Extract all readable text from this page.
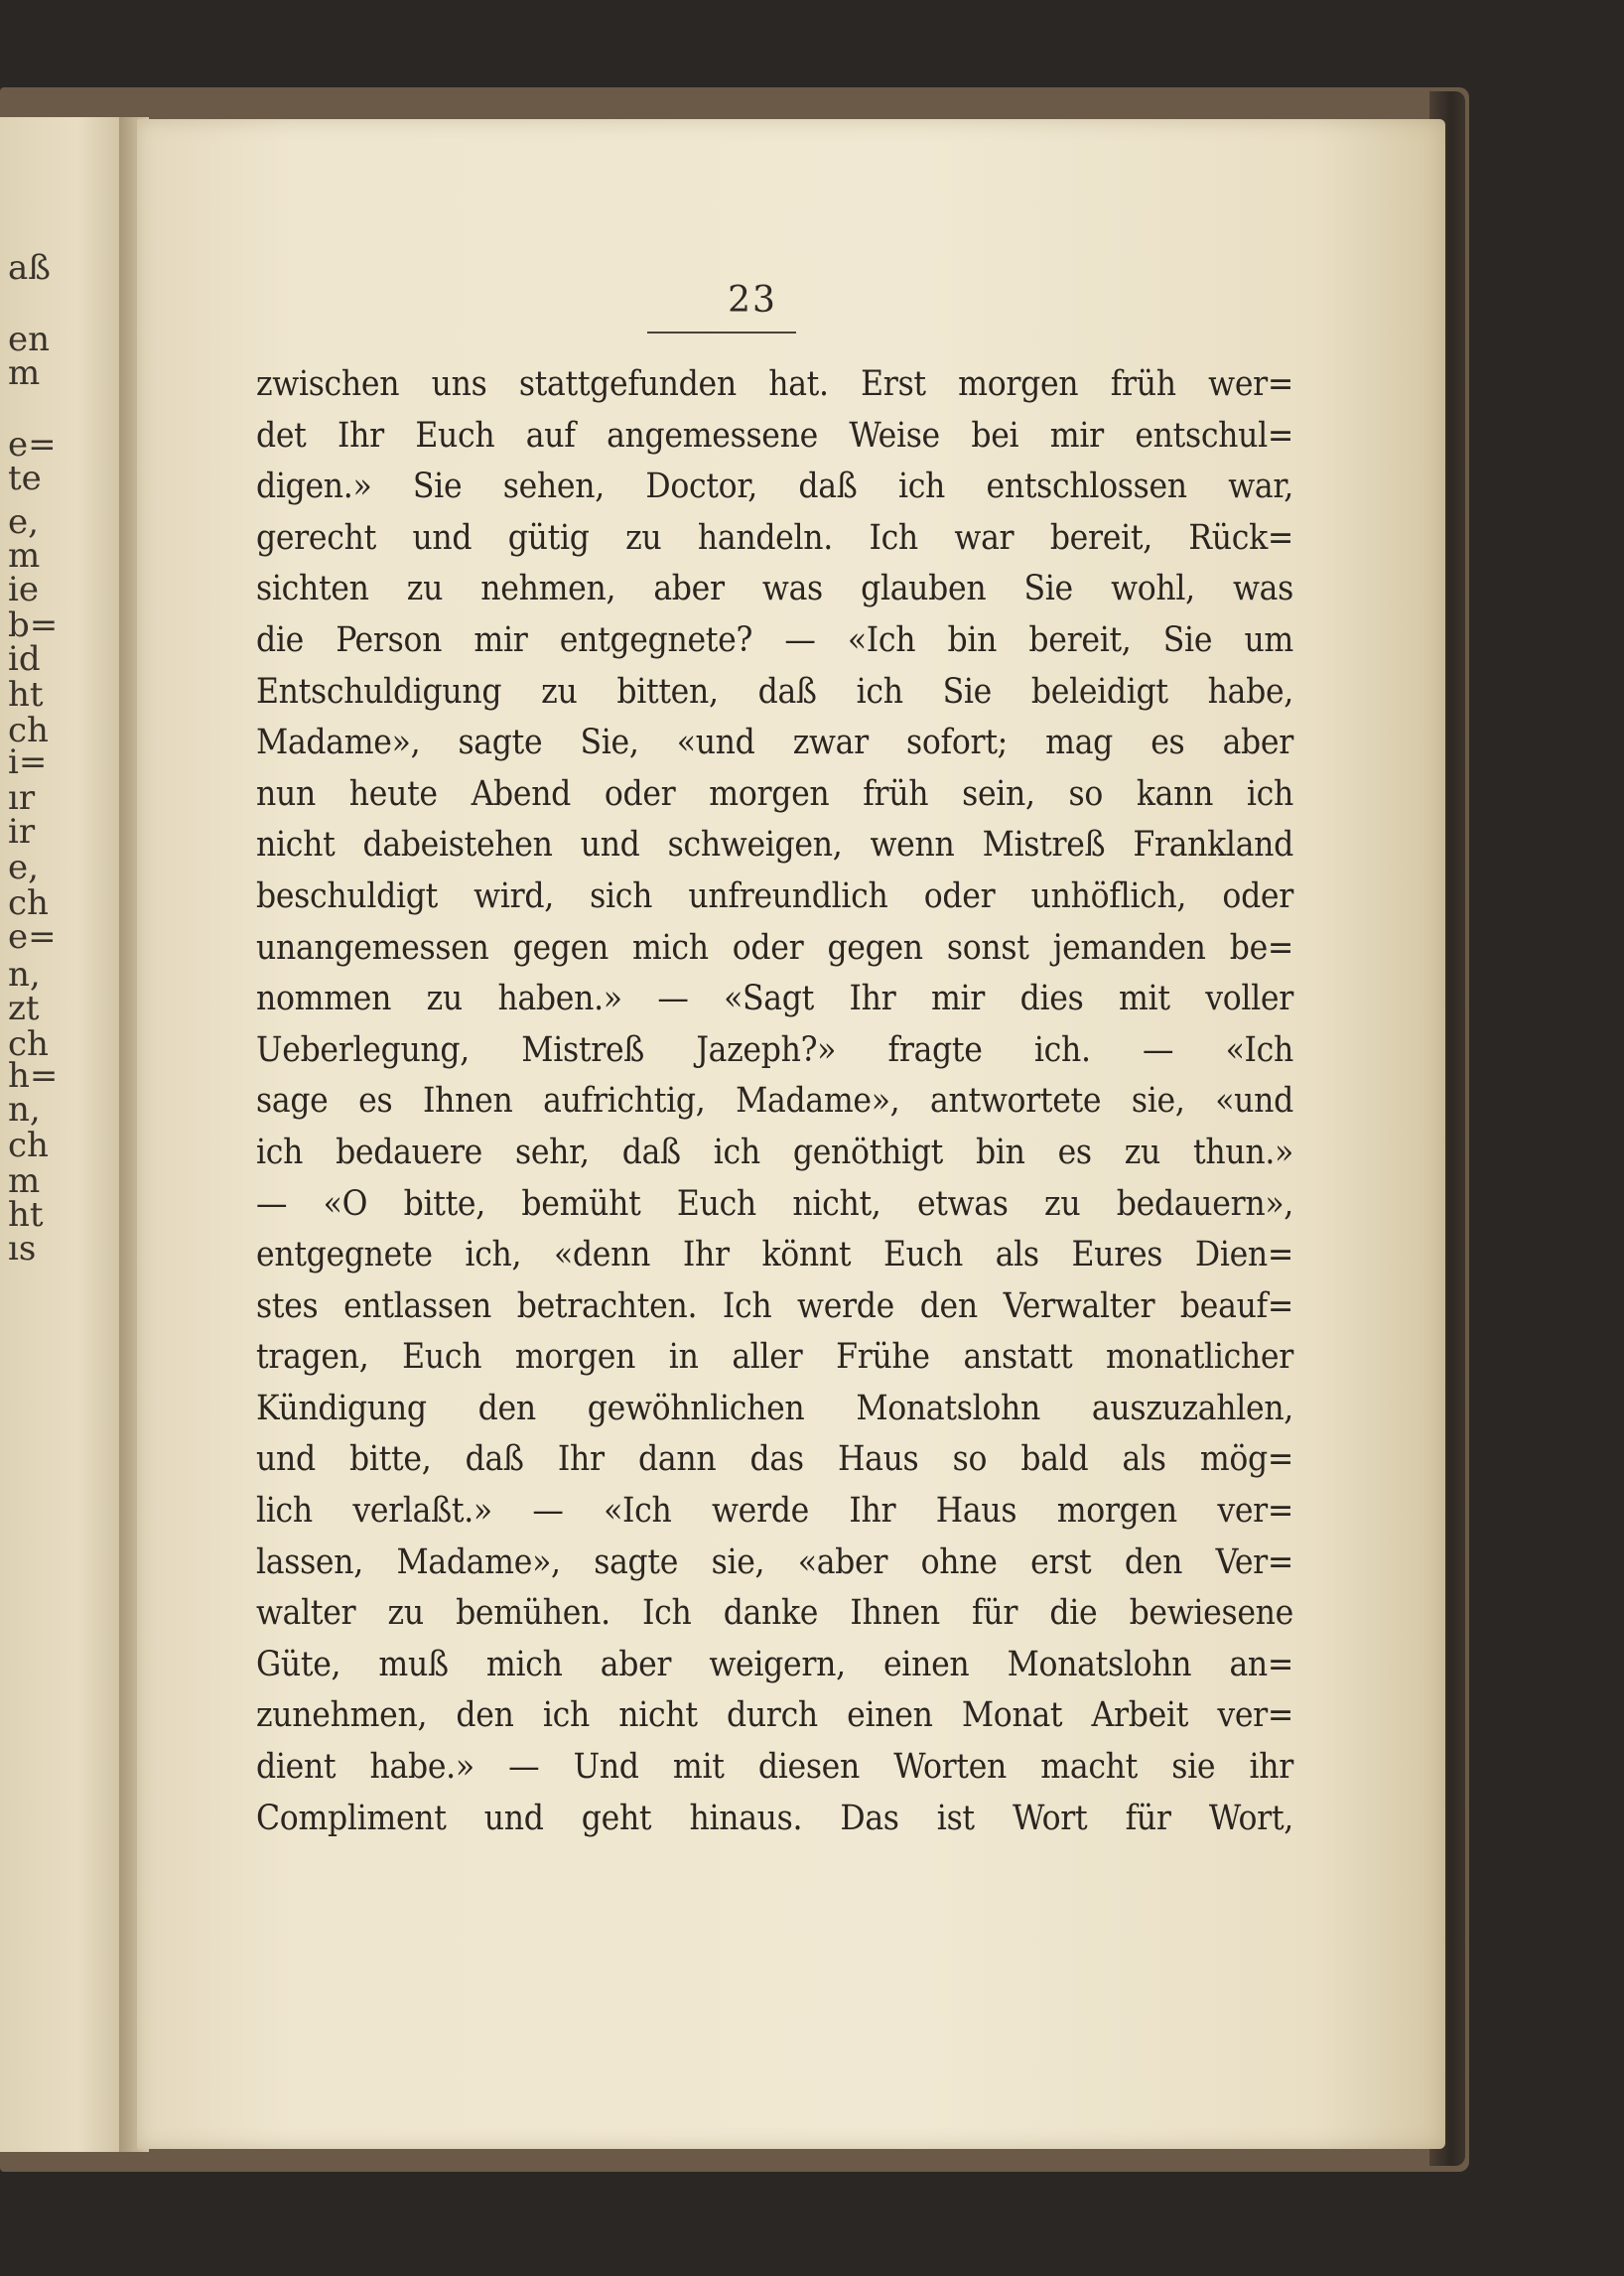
aß
en
m
e=
te
e,
m
ie
b=
id
ht
ch
i=
ır
ir
e,
ch
e=
n,
zt
ch
h=
n,
ch
m
ht
ıs
23
zwischen uns stattgefunden hat. Erst morgen früh wer=
det Ihr Euch auf angemessene Weise bei mir entschul=
digen.» Sie sehen, Doctor, daß ich entschlossen war,
gerecht und gütig zu handeln. Ich war bereit, Rück=
sichten zu nehmen, aber was glauben Sie wohl, was
die Person mir entgegnete? — «Ich bin bereit, Sie um
Entschuldigung zu bitten, daß ich Sie beleidigt habe,
Madame», sagte Sie, «und zwar sofort; mag es aber
nun heute Abend oder morgen früh sein, so kann ich
nicht dabeistehen und schweigen, wenn Mistreß Frankland
beschuldigt wird, sich unfreundlich oder unhöflich, oder
unangemessen gegen mich oder gegen sonst jemanden be=
nommen zu haben.» — «Sagt Ihr mir dies mit voller
Ueberlegung, Mistreß Jazeph?» fragte ich. — «Ich
sage es Ihnen aufrichtig, Madame», antwortete sie, «und
ich bedauere sehr, daß ich genöthigt bin es zu thun.»
— «O bitte, bemüht Euch nicht, etwas zu bedauern»,
entgegnete ich, «denn Ihr könnt Euch als Eures Dien=
stes entlassen betrachten. Ich werde den Verwalter beauf=
tragen, Euch morgen in aller Frühe anstatt monatlicher
Kündigung den gewöhnlichen Monatslohn auszuzahlen,
und bitte, daß Ihr dann das Haus so bald als mög=
lich verlaßt.» — «Ich werde Ihr Haus morgen ver=
lassen, Madame», sagte sie, «aber ohne erst den Ver=
walter zu bemühen. Ich danke Ihnen für die bewiesene
Güte, muß mich aber weigern, einen Monatslohn an=
zunehmen, den ich nicht durch einen Monat Arbeit ver=
dient habe.» — Und mit diesen Worten macht sie ihr
Compliment und geht hinaus. Das ist Wort für Wort,
